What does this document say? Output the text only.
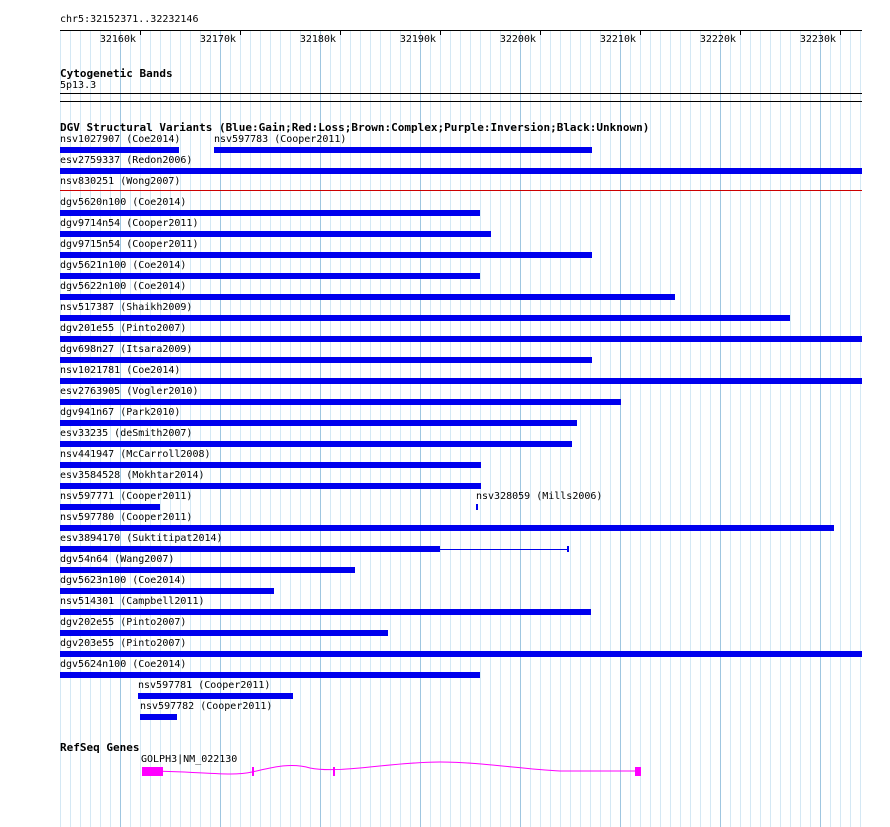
chr5:32152371..32232146
32160k	32170k	32180k	32190k	32200k	32210k	32220k	32230k
Cytogenetic Bands
5p13.3
DGV Structural Variants (Blue:Gain;Red:Loss;Brown:Complex;Purple:Inversion;Black:Unknown)
nsv1027907 (Coe2014)	nsv597783 (Cooper2011)
esv2759337 (Redon2006)
nsv830251 (Wong2007)
dgv5620n100 (Coe2014)
dgv9714n54 (Cooper2011)
dgv9715n54 (Cooper2011)
dgv5621n100 (Coe2014)
dgv5622n100 (Coe2014)
nsv517387 (Shaikh2009)
dgv201e55 (Pinto2007)
dgv698n27 (Itsara2009)
nsv1021781 (Coe2014)
esv2763905 (Vogler2010)
dgv941n67 (Park2010)
esv33235 (deSmith2007)
nsv441947 (McCarroll2008)
esv3584528 (Mokhtar2014)
nsv597771 (Cooper2011)	nsv328059 (Mills2006)
nsv597780 (Cooper2011)
esv3894170 (Suktitipat2014)
dgv54n64 (Wang2007)
dgv5623n100 (Coe2014)
nsv514301 (Campbell2011)
dgv202e55 (Pinto2007)
dgv203e55 (Pinto2007)
dgv5624n100 (Coe2014)
nsv597781 (Cooper2011)
nsv597782 (Cooper2011)
RefSeq Genes
GOLPH3|NM_022130
